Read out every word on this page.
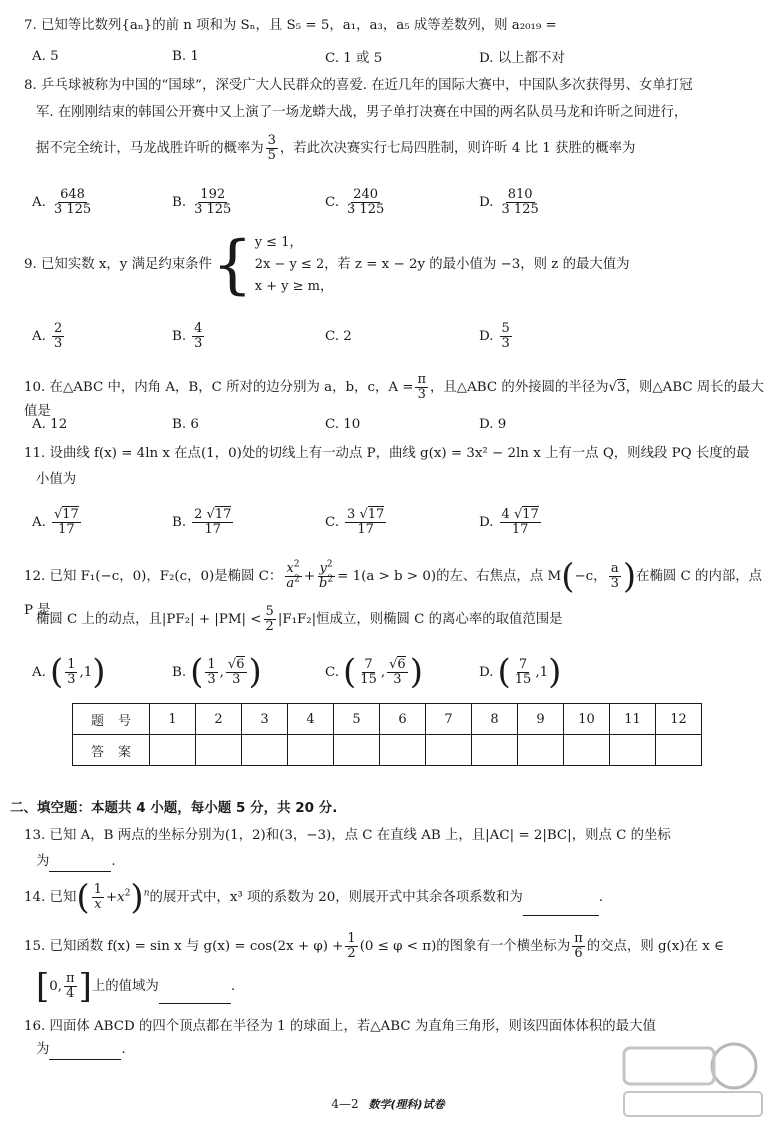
7. 已知等比数列{aₙ}的前 n 项和为 Sₙ，且 S₅ = 5，a₁，a₃，a₅ 成等差数列，则 a₂₀₁₉ =
A. 5	B. 1	C. 1 或 5	D. 以上都不对
8. 乒乓球被称为中国的“国球”，深受广大人民群众的喜爱. 在近几年的国际大赛中，中国队多次获得男、女单打冠
军. 在刚刚结束的韩国公开赛中又上演了一场龙蟒大战，男子单打决赛在中国的两名队员马龙和许昕之间进行，
据不完全统计，马龙战胜许昕的概率为 $\frac{3}{5}$ ，若此次决赛实行七局四胜制，则许昕 4 比 1 获胜的概率为
A. $\frac{648}{3 125}$	B. $\frac{192}{3 125}$	C. $\frac{240}{3 125}$	D. $\frac{810}{3 125}$
9. 已知实数 x，y 满足约束条件 { y ≤ 1，
2x − y ≤ 2，
x + y ≥ m，
若 z = x − 2y 的最小值为 −3，则 z 的最大值为
A. $\frac{2}{3}$	B. $\frac{4}{3}$	C. 2	D. $\frac{5}{3}$
10. 在△ABC 中，内角 A，B，C 所对的边分别为 a，b，c，$A = \frac{\pi}{3}$ ，且△ABC 的外接圆的半径为 √ 3，则△ABC 周长的最大值是
A. 12	B. 6	C. 10	D. 9
11. 设曲线 f(x) = 4ln x 在点(1，0)处的切线上有一动点 P，曲线 g(x) = 3x² − 2ln x 上有一点 Q，则线段 PQ 长度的最
小值为
A. √ $\frac{17}{17}$	B. $\frac{2 √ 17}{17}$	C. $\frac{3 √ 17}{17}$	D. $\frac{4 √ 17}{17}$
12. 已知 F₁(−c，0)，F₂(c，0)是椭圆 C： $\frac{x^2}{a^2} + \frac{y^2}{b^2} = 1(a > b > 0)$的左、右焦点，点 M(−c， $\frac{a}{3}$ )在椭圆 C 的内部，点 P 是
椭圆 C 上的动点，且$|PF_2| + |PM| < \frac{5}{2} |F_1F_2|$恒成立，则椭圆 C 的离心率的取值范围是
A. ( $\frac{1}{3} ,1$ )	B. ( $\frac{1}{3}$ , √ $\frac{6}{3}$ )	C. ( $\frac{7}{15}$ , √ $\frac{6}{3}$ )	D. ( $\frac{7}{15} ,1$ )
题号	1	2	3	4	5	6	7	8	9	10	11	12
答案												
二、填空题：本题共 4 小题，每小题 5 分，共 20 分.
13. 已知 A，B 两点的坐标分别为(1，2)和(3，−3)，点 C 在直线 AB 上，且|AC| = 2|BC|，则点 C 的坐标
为	.
14. 已知( $\frac{1}{x} +x^2)^n$的展开式中，x³ 项的系数为 20，则展开式中其余各项系数和为	.
15. 已知函数 f(x) = sin x 与 $g(x) = \cos(2x + \varphi) + \frac{1}{2} (0 \le \varphi < \pi)$的图象有一个横坐标为 $\frac{\pi}{6}$ 的交点，则 g(x)在 x ∈
[0, $\frac{\pi}{4}$ ]上的值域为	.
16. 四面体 ABCD 的四个顶点都在半径为 1 的球面上，若△ABC 为直角三角形，则该四面体体积的最大值
为	.
4—2 数学(理科)试卷
